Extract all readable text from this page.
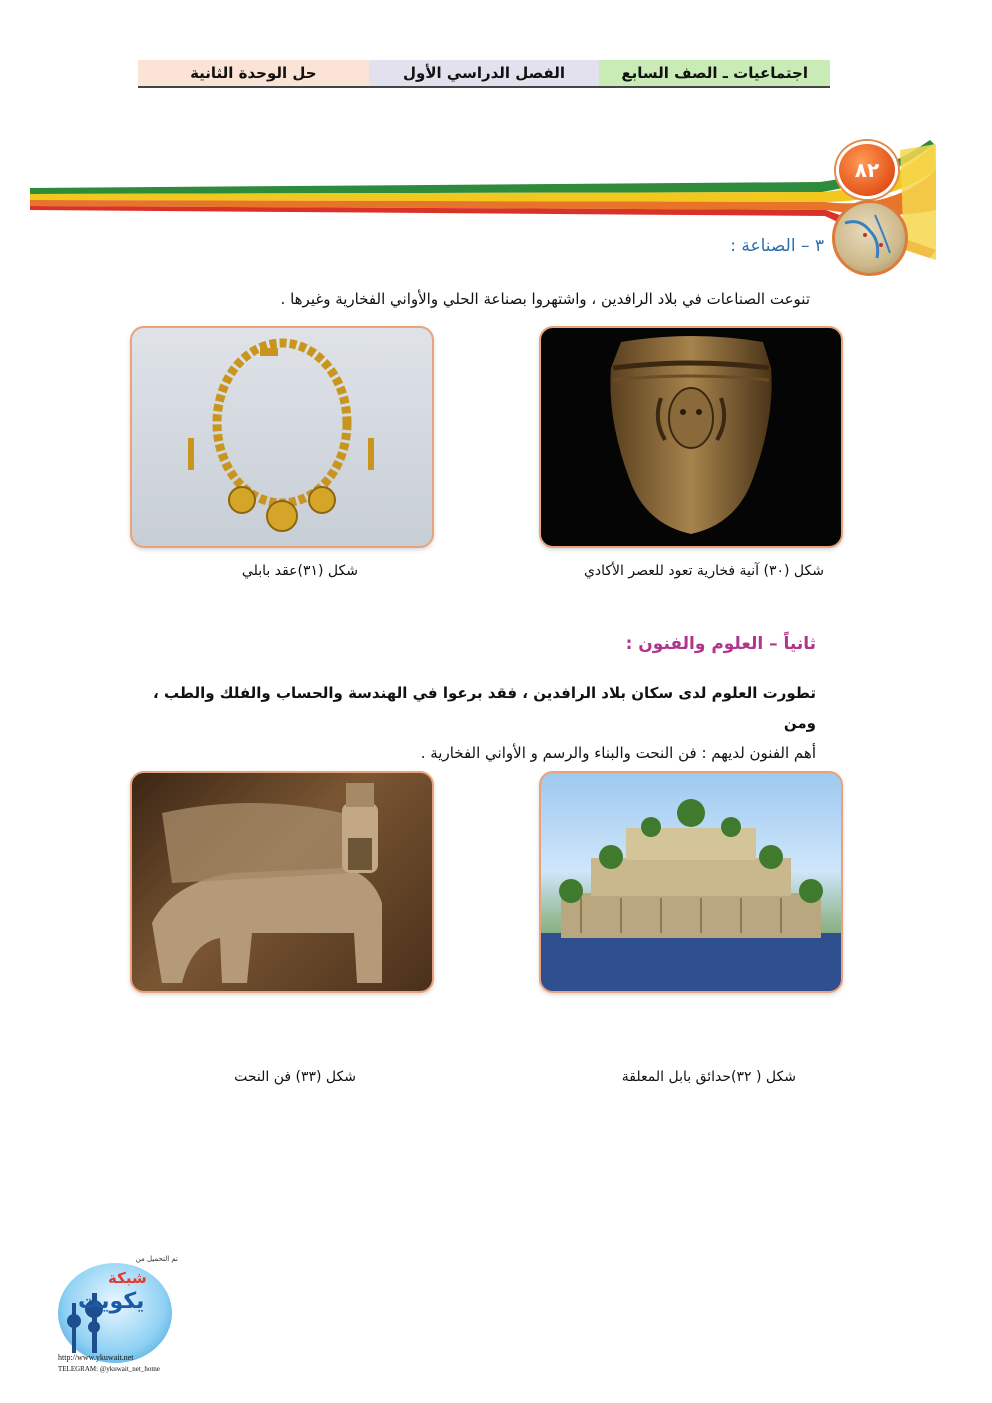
حل الوحدة الثانية	الفصل الدراسي الأول	اجتماعيات ـ الصف السابع
٨٢
٣ – الصناعة :
تنوعت الصناعات في بلاد الرافدين ، واشتهروا بصناعة الحلي والأواني الفخارية وغيرها .
شكل (٣٠) آنية فخارية تعود للعصر الأكادي
شكل (٣١)عقد بابلي
ثانياً – العلوم والفنون :
تطورت العلوم لدى سكان بلاد الرافدين ، فقد برعوا في الهندسة والحساب والفلك والطب ، ومن
أهم الفنون لديهم : فن النحت والبناء والرسم و الأواني الفخارية .
شكل ( ٣٢)حدائق بابل المعلقة
شكل (٣٣) فن النحت
تم التحميل من
شبكة
يكويت
http://www.ykuwait.net
TELEGRAM: @ykuwait_net_home
